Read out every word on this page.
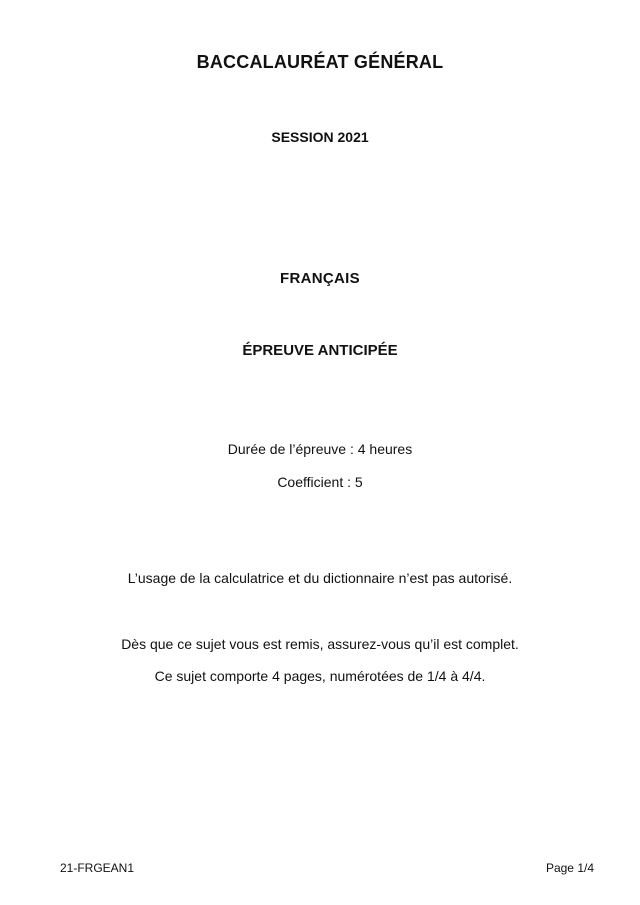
BACCALAURÉAT GÉNÉRAL
SESSION 2021
FRANÇAIS
ÉPREUVE ANTICIPÉE
Durée de l’épreuve : 4 heures
Coefficient : 5
L’usage de la calculatrice et du dictionnaire n’est pas autorisé.
Dès que ce sujet vous est remis, assurez-vous qu’il est complet.
Ce sujet comporte 4 pages, numérotées de 1/4 à 4/4.
21-FRGEAN1	Page 1/4
